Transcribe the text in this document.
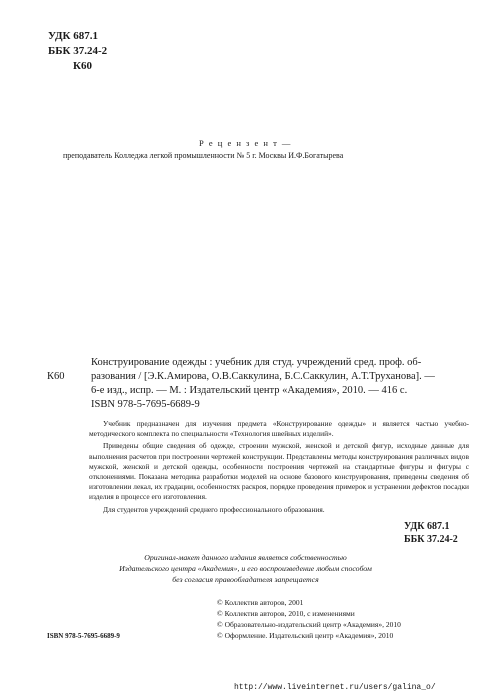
УДК 687.1
ББК 37.24-2
К60
Р е ц е н з е н т —
преподаватель Колледжа легкой промышленности № 5 г. Москвы И.Ф.Богатырева
К60
Конструирование одежды : учебник для студ. учреждений сред. проф. об-
разования / [Э.К.Амирова, О.В.Саккулина, Б.С.Саккулин, А.Т.Труханова]. —
6-е изд., испр. — М. : Издательский центр «Академия», 2010. — 416 с.
ISBN 978-5-7695-6689-9

Учебник предназначен для изучения предмета «Конструирование одежды» и является частью учебно-методического комплекта по специальности «Технология швейных изделий».

Приведены общие сведения об одежде, строении мужской, женской и детской фигур, исходные данные для выполнения расчетов при построении чертежей конструкции. Представлены методы конструирования различных видов мужской, женской и детской одежды, особенности построения чертежей на стандартные фигуры и фигуры с отклонениями. Показана методика разработки моделей на основе базового конструирования, приведены сведения об изготовлении лекал, их градации, особенностях раскроя, порядке проведения примерок и устранении дефектов посадки изделия в процессе его изготовления.

Для студентов учреждений среднего профессионального образования.

УДК 687.1
ББК 37.24-2
Оригинал-макет данного издания является собственностью
Издательского центра «Академия», и его воспроизведение любым способом
без согласия правообладателя запрещается
© Коллектив авторов, 2001
© Коллектив авторов, 2010, с изменениями
© Образовательно-издательский центр «Академия», 2010
© Оформление. Издательский центр «Академия», 2010
ISBN 978-5-7695-6689-9
http://www.liveinternet.ru/users/galina_o/
